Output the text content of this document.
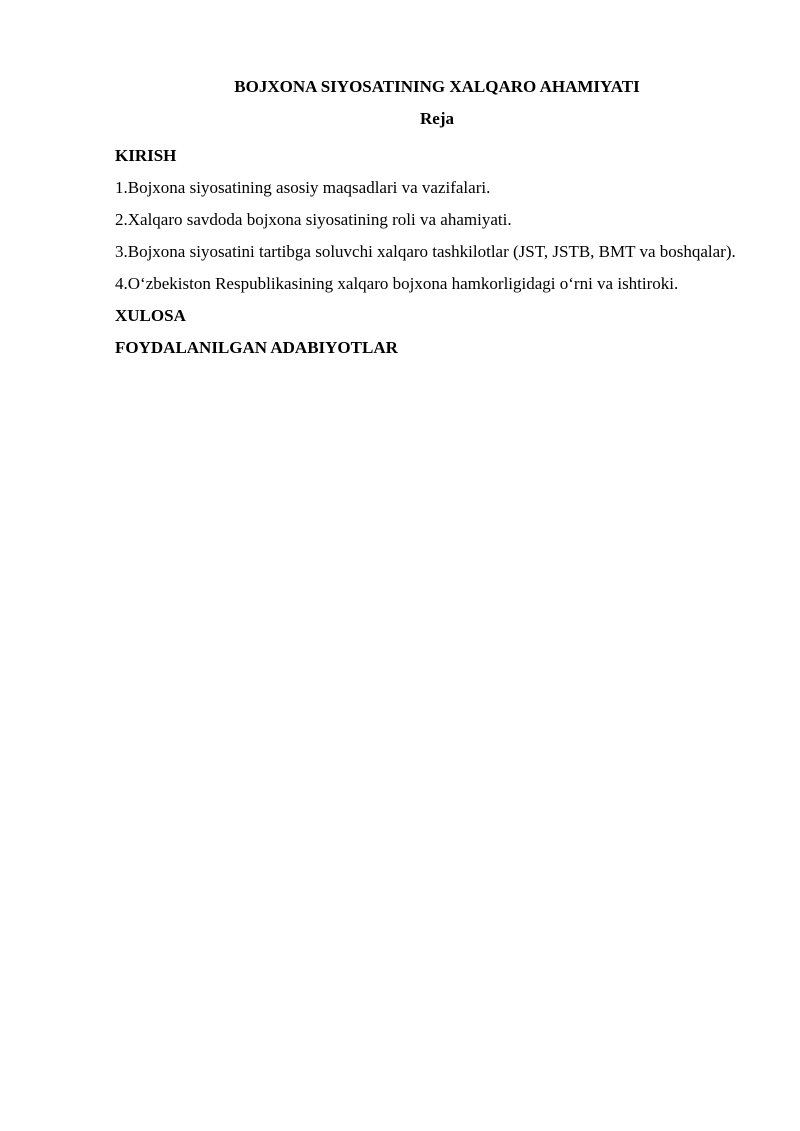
BOJXONA SIYOSATINING XALQARO AHAMIYATI
Reja
KIRISH
1.Bojxona siyosatining asosiy maqsadlari va vazifalari.
2.Xalqaro savdoda bojxona siyosatining roli va ahamiyati.
3.Bojxona siyosatini tartibga soluvchi xalqaro tashkilotlar (JST, JSTB, BMT va boshqalar).
4.O‘zbekiston Respublikasining xalqaro bojxona hamkorligidagi o‘rni va ishtiroki.
XULOSA
FOYDALANILGAN ADABIYOTLAR
